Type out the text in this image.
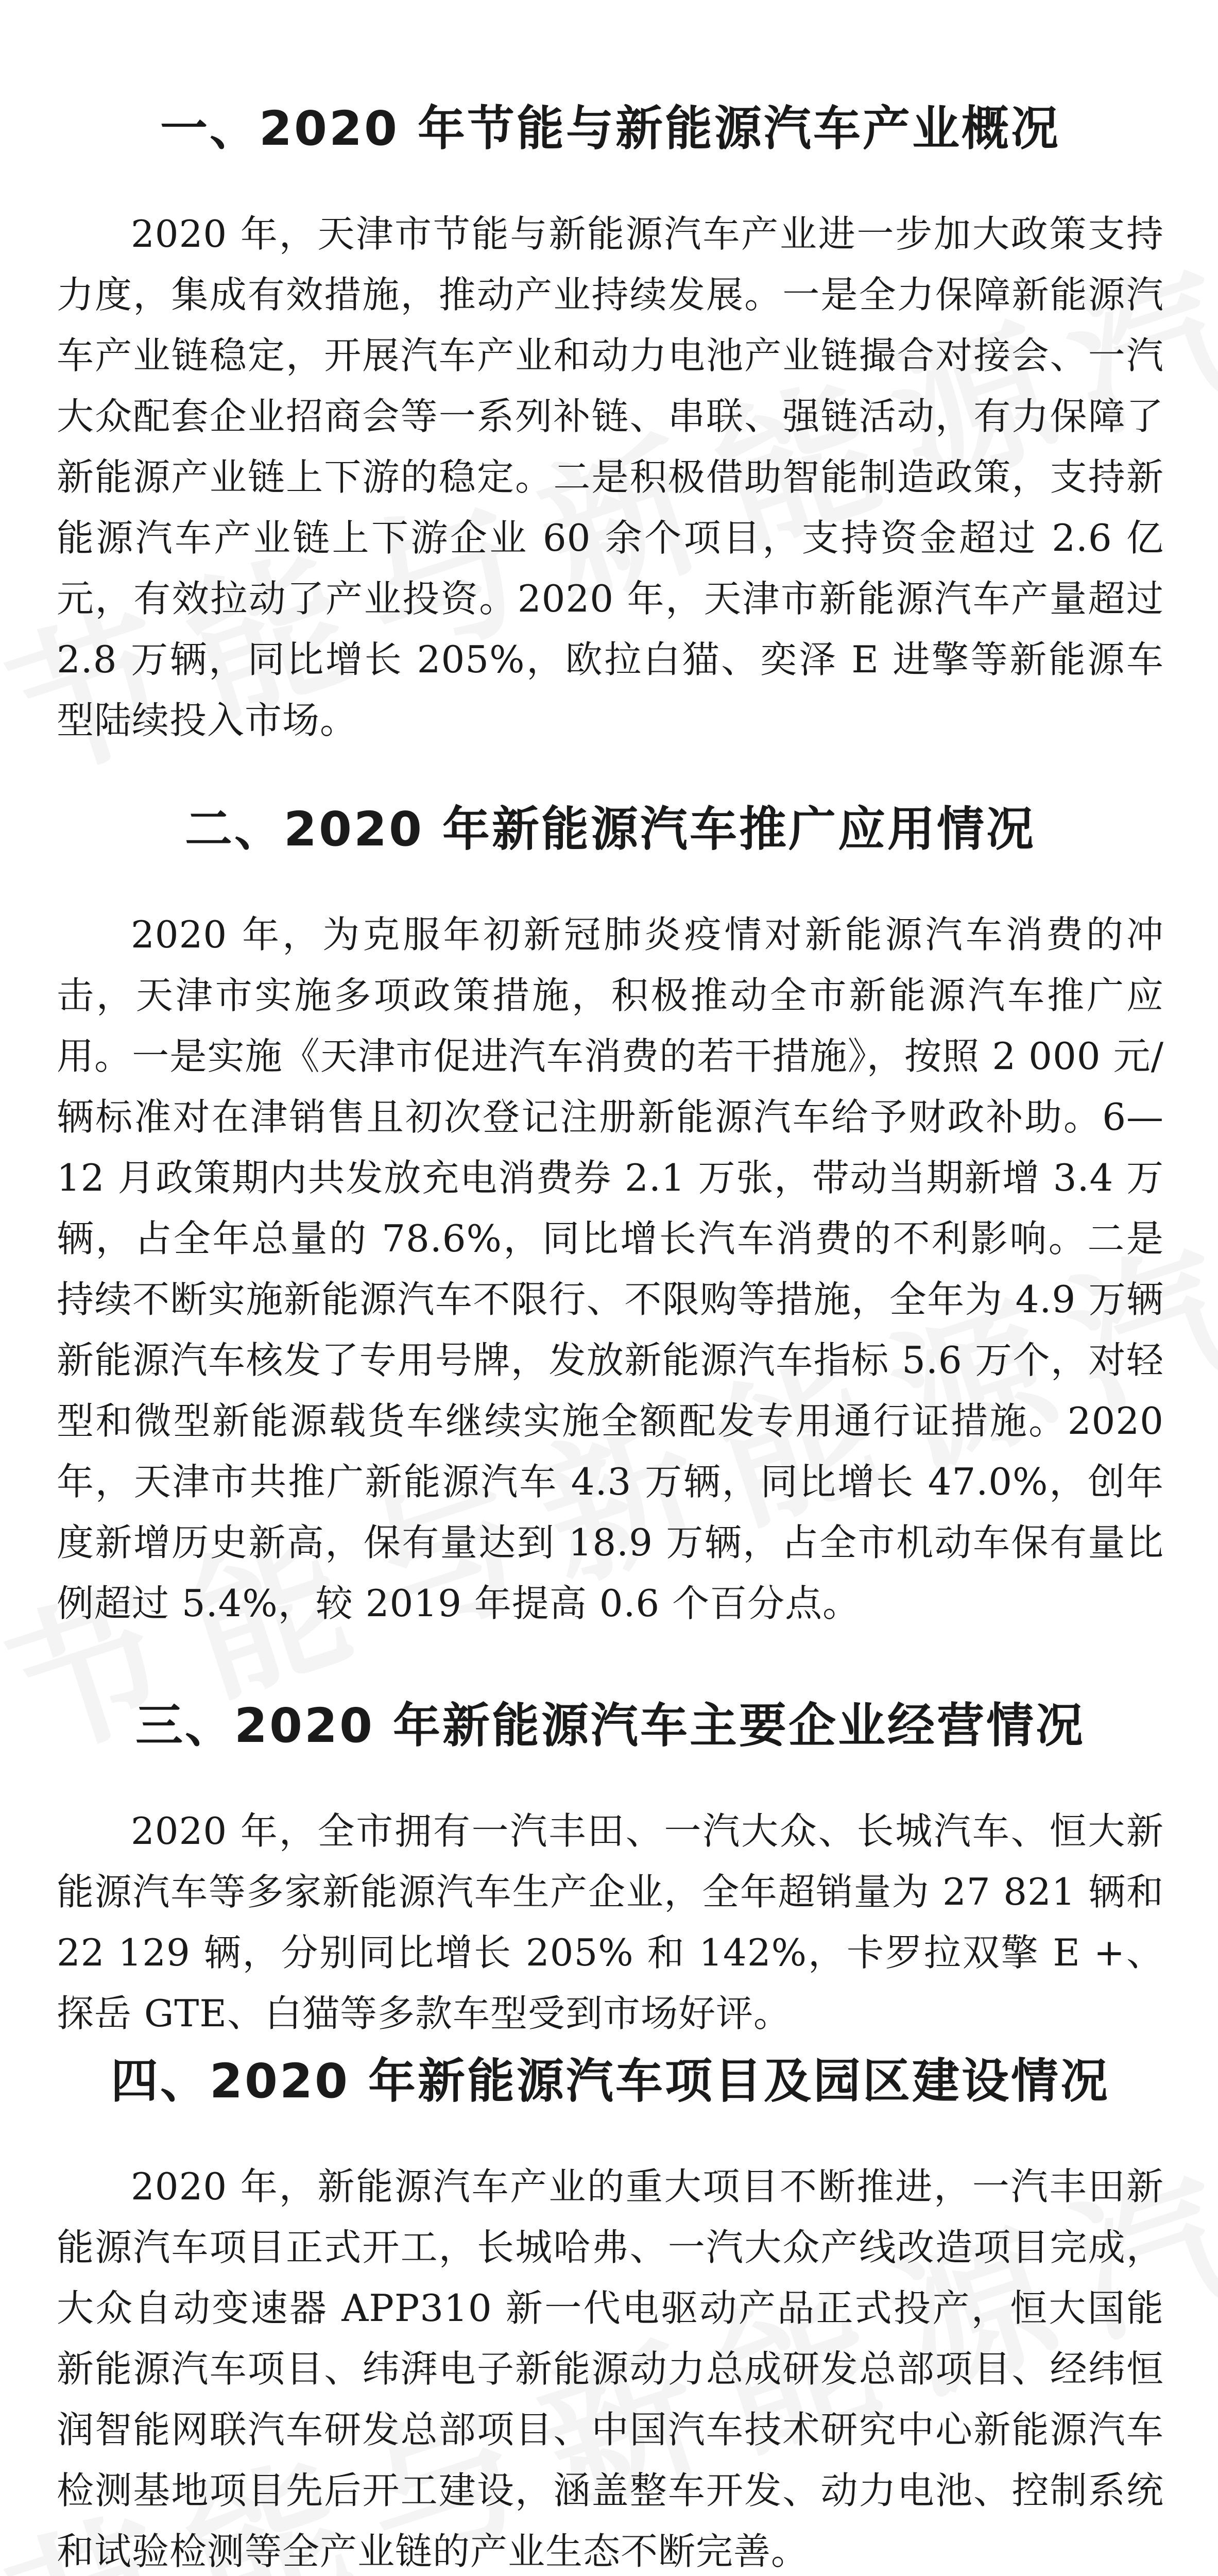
一、2020 年节能与新能源汽车产业概况

2020 年，天津市节能与新能源汽车产业进一步加大政策支持力度，集成有效措施，推动产业持续发展。一是全力保障新能源汽车产业链稳定，开展汽车产业和动力电池产业链撮合对接会、一汽大众配套企业招商会等一系列补链、串联、强链活动，有力保障了新能源产业链上下游的稳定。二是积极借助智能制造政策，支持新能源汽车产业链上下游企业 60 余个项目，支持资金超过 2.6 亿元，有效拉动了产业投资。2020 年，天津市新能源汽车产量超过 2.8 万辆，同比增长 205%，欧拉白猫、奕泽 E 进擎等新能源车型陆续投入市场。

二、2020 年新能源汽车推广应用情况

2020 年，为克服年初新冠肺炎疫情对新能源汽车消费的冲击，天津市实施多项政策措施，积极推动全市新能源汽车推广应用。一是实施《天津市促进汽车消费的若干措施》，按照 2 000 元/辆标准对在津销售且初次登记注册新能源汽车给予财政补助。6—12 月政策期内共发放充电消费券 2.1 万张，带动当期新增 3.4 万辆，占全年总量的 78.6%，同比增长汽车消费的不利影响。二是持续不断实施新能源汽车不限行、不限购等措施，全年为 4.9 万辆新能源汽车核发了专用号牌，发放新能源汽车指标 5.6 万个，对轻型和微型新能源载货车继续实施全额配发专用通行证措施。2020 年，天津市共推广新能源汽车 4.3 万辆，同比增长 47.0%，创年度新增历史新高，保有量达到 18.9 万辆，占全市机动车保有量比例超过 5.4%，较 2019 年提高 0.6 个百分点。

三、2020 年新能源汽车主要企业经营情况

2020 年，全市拥有一汽丰田、一汽大众、长城汽车、恒大新能源汽车等多家新能源汽车生产企业，全年超销量为 27 821 辆和 22 129 辆，分别同比增长 205% 和 142%，卡罗拉双擎 E +、探岳 GTE、白猫等多款车型受到市场好评。

四、2020 年新能源汽车项目及园区建设情况

2020 年，新能源汽车产业的重大项目不断推进，一汽丰田新能源汽车项目正式开工，长城哈弗、一汽大众产线改造项目完成，大众自动变速器 APP310 新一代电驱动产品正式投产，恒大国能新能源汽车项目、纬湃电子新能源动力总成研发总部项目、经纬恒润智能网联汽车研发总部项目、中国汽车技术研究中心新能源汽车检测基地项目先后开工建设，涵盖整车开发、动力电池、控制系统和试验检测等全产业链的产业生态不断完善。
